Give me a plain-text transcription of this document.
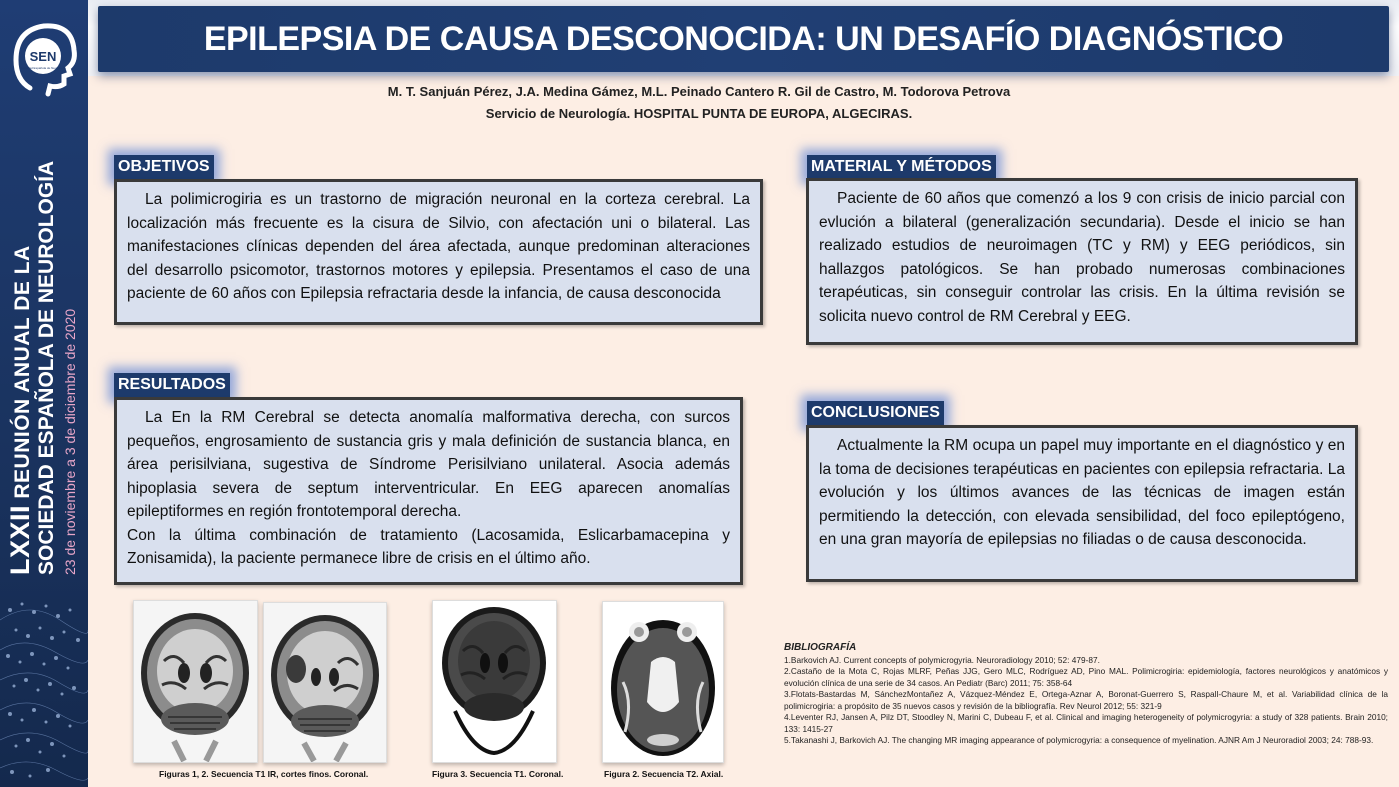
SEN
Sociedad Española de Neurología
LXXII REUNIÓN ANUAL DE LA SOCIEDAD ESPAÑOLA DE NEUROLOGÍA 23 de noviembre a 3 de diciembre de 2020
EPILEPSIA DE CAUSA DESCONOCIDA: UN DESAFÍO DIAGNÓSTICO
M. T. Sanjuán Pérez, J.A. Medina Gámez, M.L. Peinado Cantero R. Gil de Castro, M. Todorova Petrova
Servicio de Neurología. HOSPITAL PUNTA DE EUROPA, ALGECIRAS.
OBJETIVOS

La polimicrogiria es un trastorno de migración neuronal en la corteza cerebral. La localización más frecuente es la cisura de Silvio, con afectación uni o bilateral. Las manifestaciones clínicas dependen del área afectada, aunque predominan alteraciones del desarrollo psicomotor, trastornos motores y epilepsia. Presentamos el caso de una paciente de 60 años con Epilepsia refractaria desde la infancia, de causa desconocida

MATERIAL Y MÉTODOS

Paciente de 60 años que comenzó a los 9 con crisis de inicio parcial con evlución a bilateral (generalización secundaria). Desde el inicio se han realizado estudios de neuroimagen (TC y RM) y EEG periódicos, sin hallazgos patológicos. Se han probado numerosas combinaciones terapéuticas, sin conseguir controlar las crisis. En la última revisión se solicita nuevo control de RM Cerebral y EEG.

RESULTADOS

La En la RM Cerebral se detecta anomalía malformativa derecha, con surcos pequeños, engrosamiento de sustancia gris y mala definición de sustancia blanca, en área perisilviana, sugestiva de Síndrome Perisilviano unilateral. Asocia además hipoplasia severa de septum interventricular. En EEG aparecen anomalías epileptiformes en región frontotemporal derecha.

Con la última combinación de tratamiento (Lacosamida, Eslicarbamacepina y Zonisamida), la paciente permanece libre de crisis en el último año.

CONCLUSIONES

Actualmente la RM ocupa un papel muy importante en el diagnóstico y en la toma de decisiones terapéuticas en pacientes con epilepsia refractaria. La evolución y los últimos avances de las técnicas de imagen están permitiendo la detección, con elevada sensibilidad, del foco epileptógeno, en una gran mayoría de epilepsias no filiadas o de causa desconocida.

Figuras 1, 2. Secuencia T1 IR, cortes finos. Coronal.	Figura 3. Secuencia T1. Coronal.	Figura 2. Secuencia T2. Axial.
BIBLIOGRAFÍA
1.Barkovich AJ. Current concepts of polymicrogyria. Neuroradiology 2010; 52: 479-87.
2.Castaño de la Mota C, Rojas MLRF, Peñas JJG, Gero MLC, Rodríguez AD, Pino MAL. Polimicrogiria: epidemiología, factores neurológicos y anatómicos y evolución clínica de una serie de 34 casos. An Pediatr (Barc) 2011; 75: 358-64
3.Flotats-Bastardas M, SánchezMontañez A, Vázquez-Méndez E, Ortega-Aznar A, Boronat-Guerrero S, Raspall-Chaure M, et al. Variabilidad clínica de la polimicrogiria: a propósito de 35 nuevos casos y revisión de la bibliografía. Rev Neurol 2012; 55: 321-9
4.Leventer RJ, Jansen A, Pilz DT, Stoodley N, Marini C, Dubeau F, et al. Clinical and imaging heterogeneity of polymicrogyria: a study of 328 patients. Brain 2010; 133: 1415-27
5.Takanashi J, Barkovich AJ. The changing MR imaging appearance of polymicrogyria: a consequence of myelination. AJNR Am J Neuroradiol 2003; 24: 788-93.
